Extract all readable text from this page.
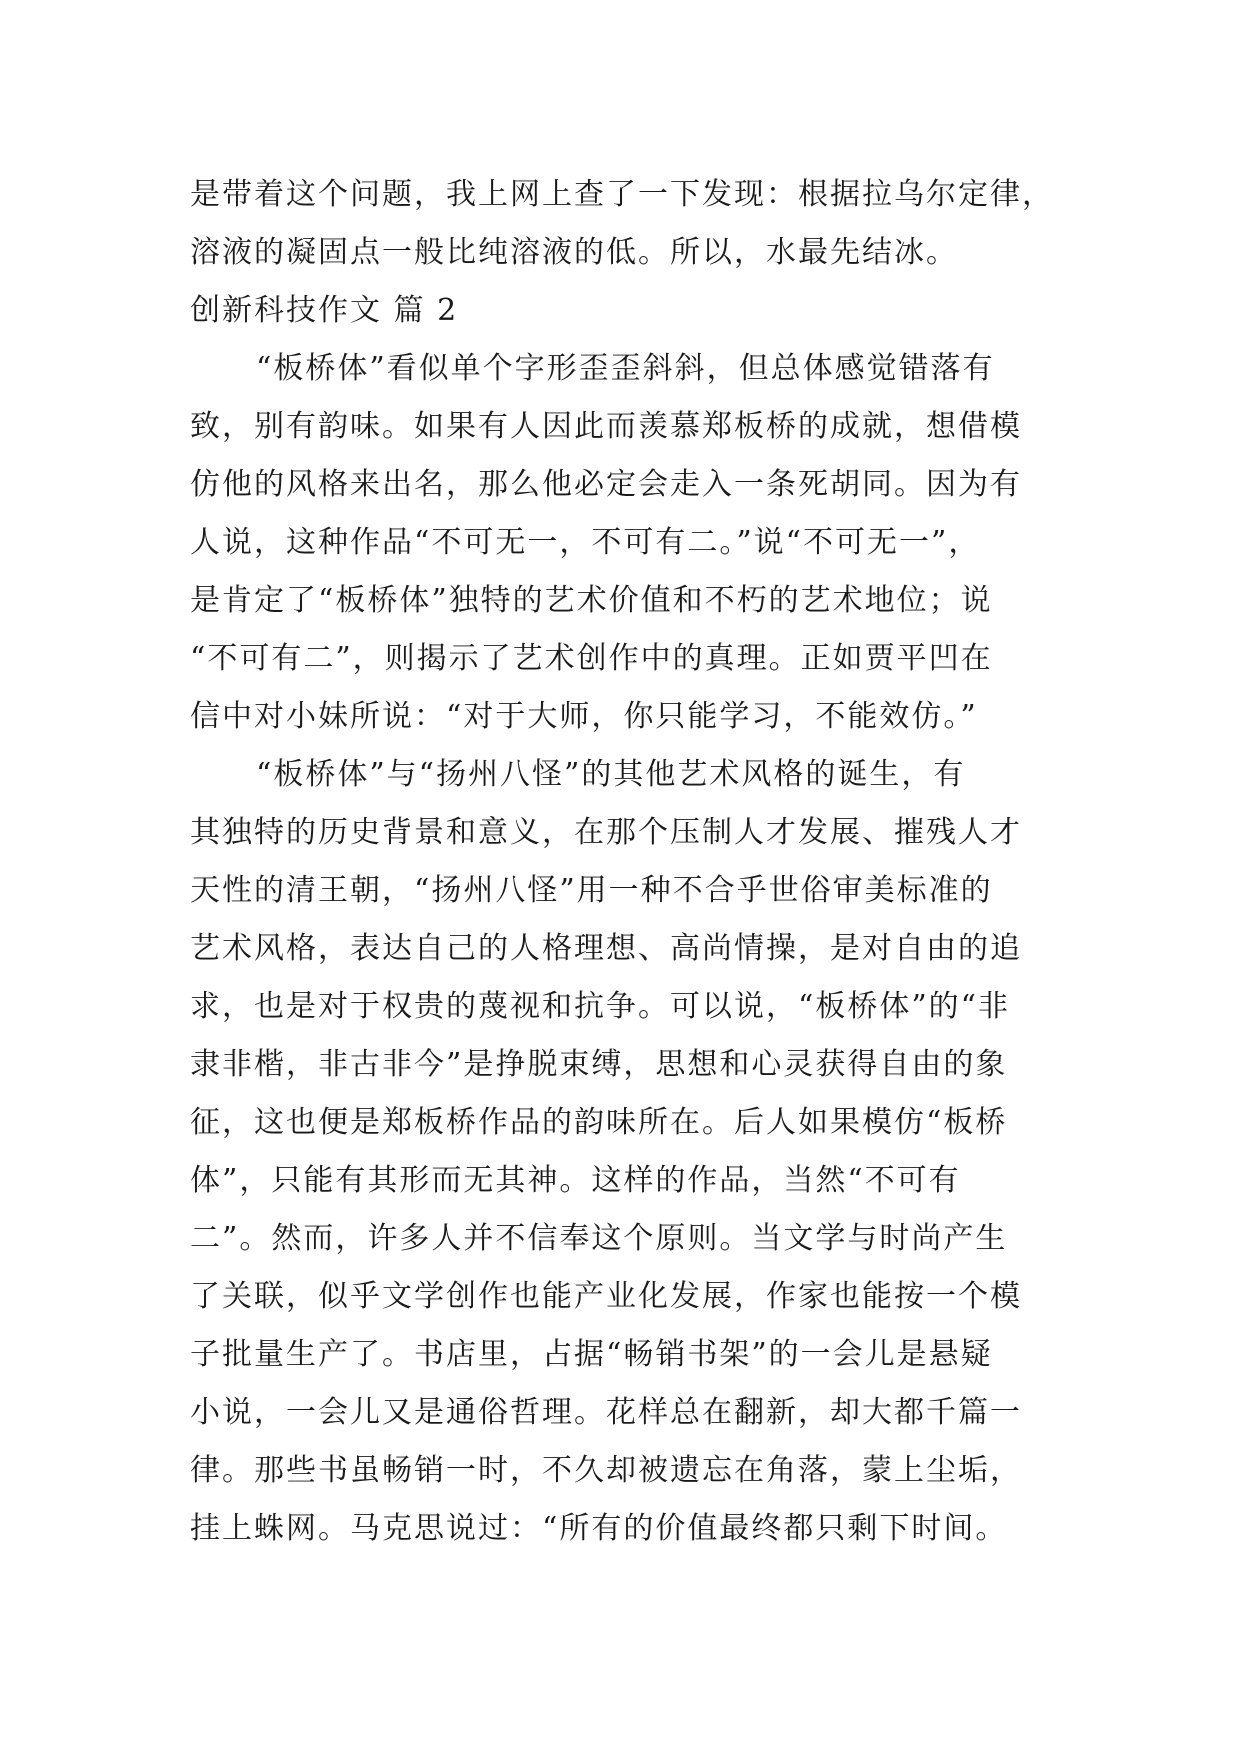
是带着这个问题，我上网上查了一下发现：根据拉乌尔定律，
溶液的凝固点一般比纯溶液的低。所以，水最先结冰。
创新科技作文 篇 2
“板桥体”看似单个字形歪歪斜斜，但总体感觉错落有
致，别有韵味。如果有人因此而羡慕郑板桥的成就，想借模
仿他的风格来出名，那么他必定会走入一条死胡同。因为有
人说，这种作品“不可无一，不可有二。”说“不可无一”，
是肯定了“板桥体”独特的艺术价值和不朽的艺术地位；说
“不可有二”，则揭示了艺术创作中的真理。正如贾平凹在
信中对小妹所说：“对于大师，你只能学习，不能效仿。”
“板桥体”与“扬州八怪”的其他艺术风格的诞生，有
其独特的历史背景和意义，在那个压制人才发展、摧残人才
天性的清王朝，“扬州八怪”用一种不合乎世俗审美标准的
艺术风格，表达自己的人格理想、高尚情操，是对自由的追
求，也是对于权贵的蔑视和抗争。可以说，“板桥体”的“非
隶非楷，非古非今”是挣脱束缚，思想和心灵获得自由的象
征，这也便是郑板桥作品的韵味所在。后人如果模仿“板桥
体”，只能有其形而无其神。这样的作品，当然“不可有
二”。然而，许多人并不信奉这个原则。当文学与时尚产生
了关联，似乎文学创作也能产业化发展，作家也能按一个模
子批量生产了。书店里，占据“畅销书架”的一会儿是悬疑
小说，一会儿又是通俗哲理。花样总在翻新，却大都千篇一
律。那些书虽畅销一时，不久却被遗忘在角落，蒙上尘垢，
挂上蛛网。马克思说过：“所有的价值最终都只剩下时间。
